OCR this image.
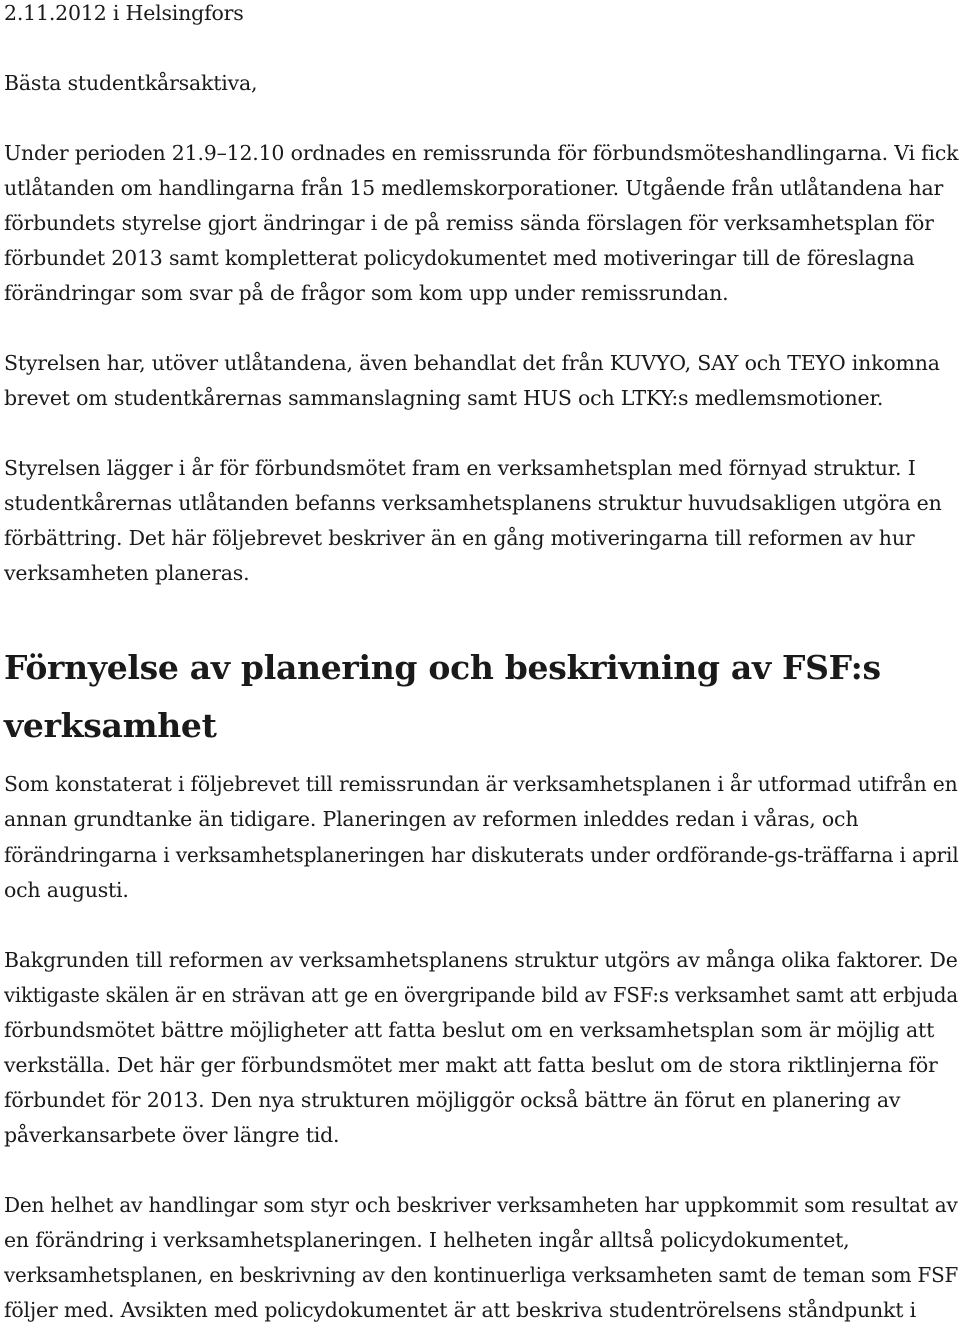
2.11.2012 i Helsingfors
Bästa studentkårsaktiva,
Under perioden 21.9–12.10 ordnades en remissrunda för förbundsmöteshandlingarna. Vi fick
utlåtanden om handlingarna från 15 medlemskorporationer. Utgående från utlåtandena har
förbundets styrelse gjort ändringar i de på remiss sända förslagen för verksamhetsplan för
förbundet 2013 samt kompletterat policydokumentet med motiveringar till de föreslagna
förändringar som svar på de frågor som kom upp under remissrundan.
Styrelsen har, utöver utlåtandena, även behandlat det från KUVYO, SAY och TEYO inkomna
brevet om studentkårernas sammanslagning samt HUS och LTKY:s medlemsmotioner.
Styrelsen lägger i år för förbundsmötet fram en verksamhetsplan med förnyad struktur. I
studentkårernas utlåtanden befanns verksamhetsplanens struktur huvudsakligen utgöra en
förbättring. Det här följebrevet beskriver än en gång motiveringarna till reformen av hur
verksamheten planeras.
Förnyelse av planering och beskrivning av FSF:s
verksamhet
Som konstaterat i följebrevet till remissrundan är verksamhetsplanen i år utformad utifrån en
annan grundtanke än tidigare. Planeringen av reformen inleddes redan i våras, och
förändringarna i verksamhetsplaneringen har diskuterats under ordförande-gs-träffarna i april
och augusti.
Bakgrunden till reformen av verksamhetsplanens struktur utgörs av många olika faktorer. De
viktigaste skälen är en strävan att ge en övergripande bild av FSF:s verksamhet samt att erbjuda
förbundsmötet bättre möjligheter att fatta beslut om en verksamhetsplan som är möjlig att
verkställa. Det här ger förbundsmötet mer makt att fatta beslut om de stora riktlinjerna för
förbundet för 2013. Den nya strukturen möjliggör också bättre än förut en planering av
påverkansarbete över längre tid.
Den helhet av handlingar som styr och beskriver verksamheten har uppkommit som resultat av
en förändring i verksamhetsplaneringen. I helheten ingår alltså policydokumentet,
verksamhetsplanen, en beskrivning av den kontinuerliga verksamheten samt de teman som FSF
följer med. Avsikten med policydokumentet är att beskriva studentrörelsens ståndpunkt i
